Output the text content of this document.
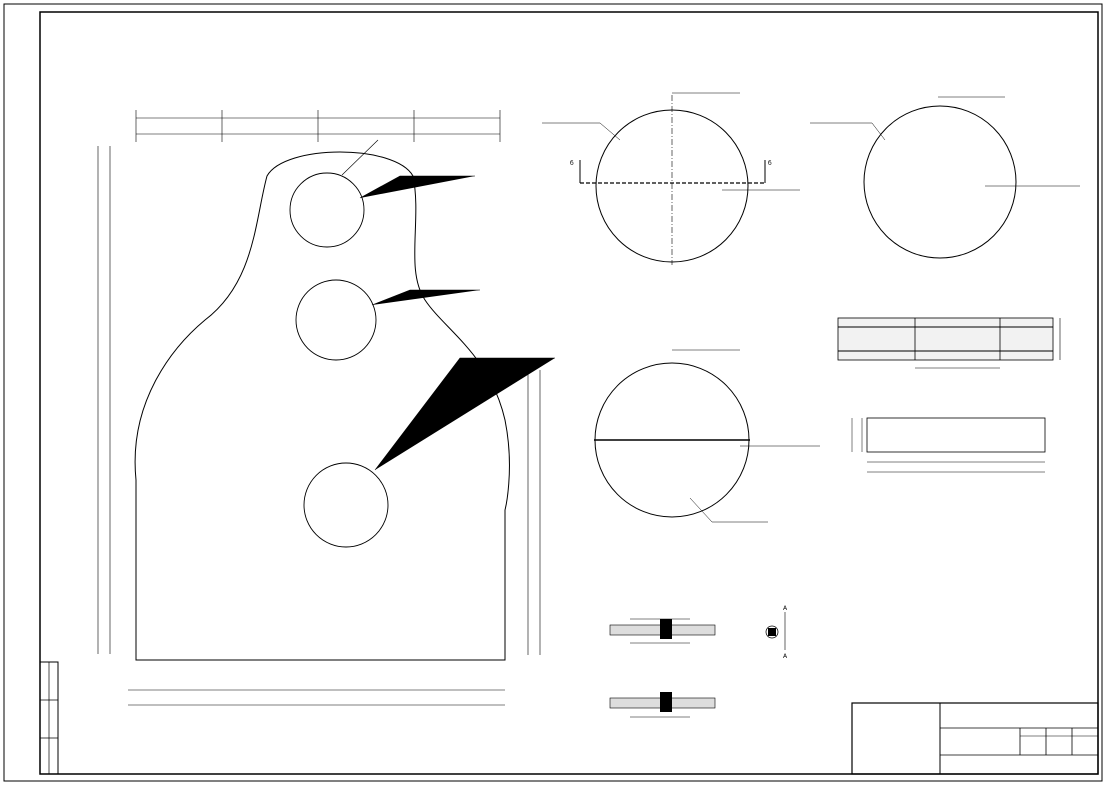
б	б
А
А
